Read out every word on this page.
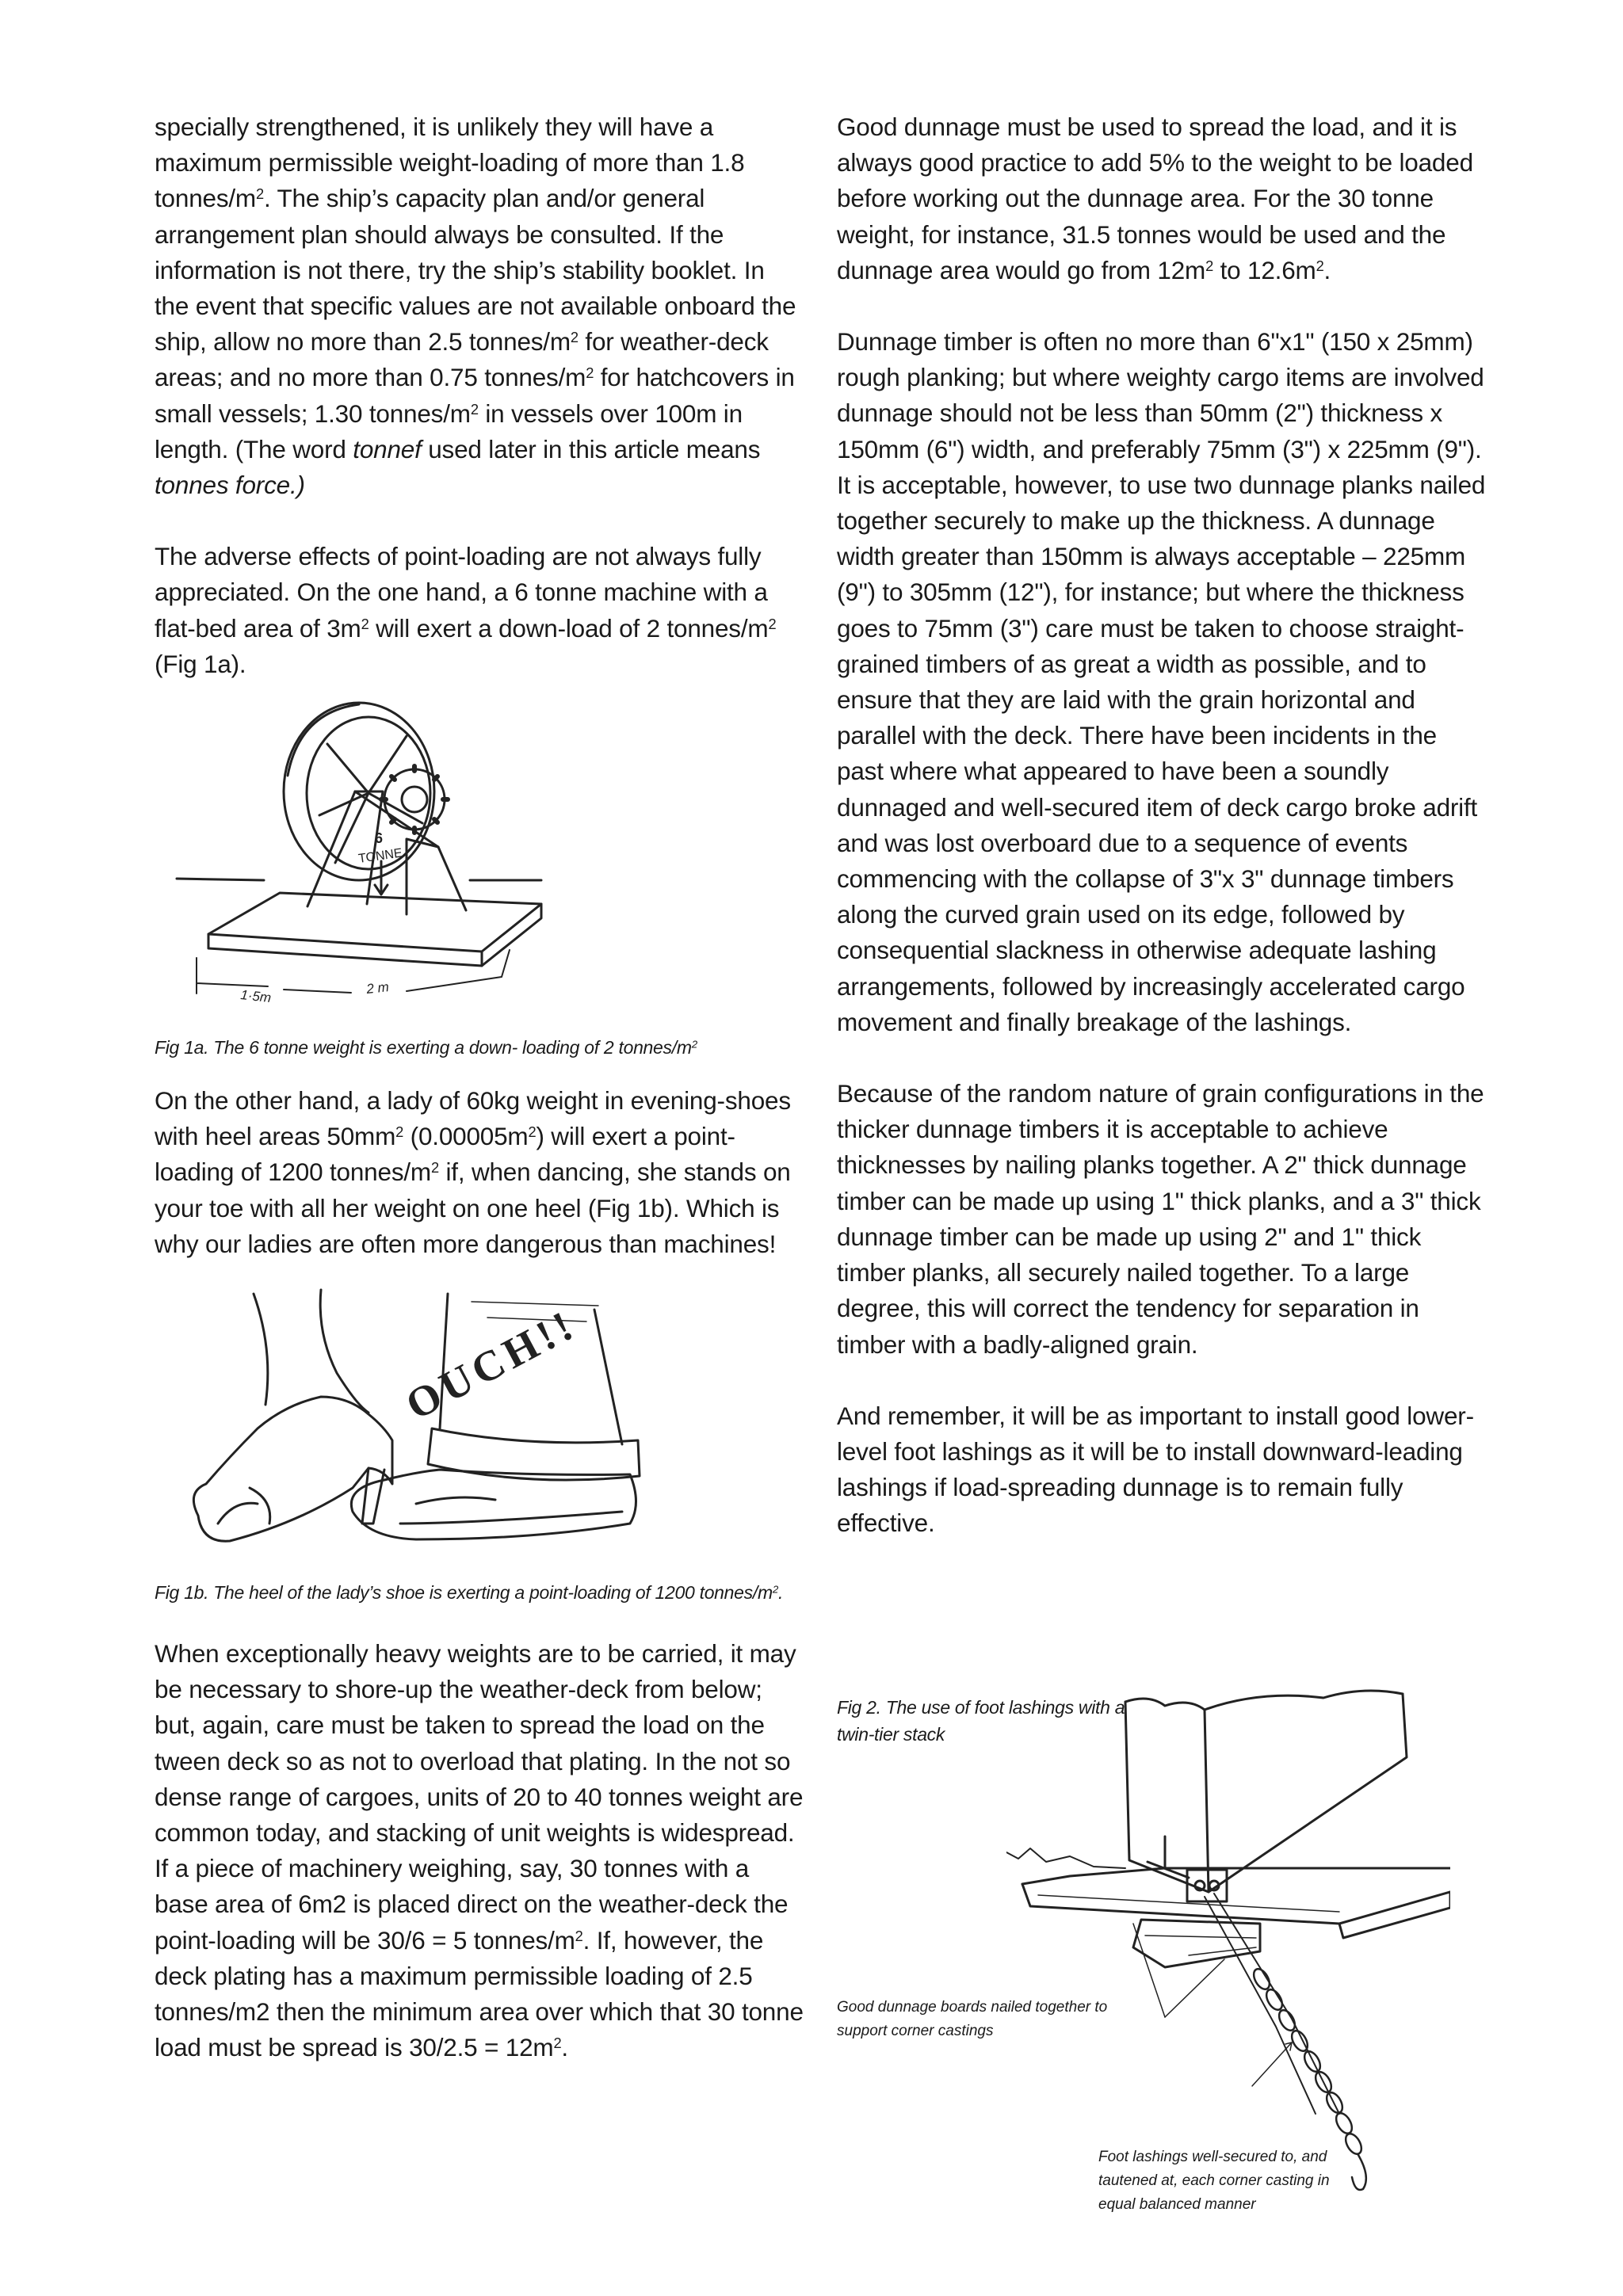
specially strengthened, it is unlikely they will have a maximum permissible weight-loading of more than 1.8 tonnes/$m^2$. The ship’s capacity plan and/or general arrangement plan should always be consulted. If the information is not there, try the ship’s stability booklet. In the event that specific values are not available onboard the ship, allow no more than 2.5 tonnes/$m^2$ for weather-deck areas; and no more than 0.75 tonnes/$m^2$ for hatchcovers in small vessels; 1.30 tonnes/$m^2$ in vessels over 100m in length. (The word tonnef used later in this article means tonnes force.)

The adverse effects of point-loading are not always fully appreciated. On the one hand, a 6 tonne machine with a flat-bed area of $3m^2$ will exert a down-load of 2 tonnes/$m^2$ (Fig 1a).

6
TONNE
1·5m	2 m

Fig 1a. The 6 tonne weight is exerting a down- loading of 2 tonnes/$m^2$

On the other hand, a lady of 60kg weight in evening-shoes with heel areas $50mm^2$ $(0.00005m^2)$ will exert a point-loading of 1200 tonnes/$m^2$ if, when dancing, she stands on your toe with all her weight on one heel (Fig 1b). Which is why our ladies are often more dangerous than machines!

OUCH!!

Fig 1b. The heel of the lady’s shoe is exerting a point-loading of 1200 tonnes/$m^2$.

When exceptionally heavy weights are to be carried, it may be necessary to shore-up the weather-deck from below; but, again, care must be taken to spread the load on the tween deck so as not to overload that plating. In the not so dense range of cargoes, units of 20 to 40 tonnes weight are common today, and stacking of unit weights is widespread. If a piece of machinery weighing, say, 30 tonnes with a base area of 6m2 is placed direct on the weather-deck the point-loading will be 30/6 = 5 tonnes/$m^2$. If, however, the deck plating has a maximum permissible loading of 2.5 tonnes/m2 then the minimum area over which that 30 tonne load must be spread is $30/2.5 = 12m^2$.

Good dunnage must be used to spread the load, and it is always good practice to add 5% to the weight to be loaded before working out the dunnage area. For the 30 tonne weight, for instance, 31.5 tonnes would be used and the dunnage area would go from $12m^2$ to $12.6m^2$.

Dunnage timber is often no more than 6"x1" (150 x 25mm) rough planking; but where weighty cargo items are involved dunnage should not be less than 50mm (2") thickness x 150mm (6") width, and preferably 75mm (3") x 225mm (9"). It is acceptable, however, to use two dunnage planks nailed together securely to make up the thickness. A dunnage width greater than 150mm is always acceptable – 225mm (9") to 305mm (12"), for instance; but where the thickness goes to 75mm (3") care must be taken to choose straight-grained timbers of as great a width as possible, and to ensure that they are laid with the grain horizontal and parallel with the deck. There have been incidents in the past where what appeared to have been a soundly dunnaged and well-secured item of deck cargo broke adrift and was lost overboard due to a sequence of events commencing with the collapse of 3"x 3" dunnage timbers along the curved grain used on its edge, followed by consequential slackness in otherwise adequate lashing arrangements, followed by increasingly accelerated cargo movement and finally breakage of the lashings.

Because of the random nature of grain configurations in the thicker dunnage timbers it is acceptable to achieve thicknesses by nailing planks together. A 2" thick dunnage timber can be made up using 1" thick planks, and a 3" thick dunnage timber can be made up using 2" and 1" thick timber planks, all securely nailed together. To a large degree, this will correct the tendency for separation in timber with a badly-aligned grain.

And remember, it will be as important to install good lower-level foot lashings as it will be to install downward-leading lashings if load-spreading dunnage is to remain fully effective.

Fig 2. The use of foot lashings with a twin-tier stack

Good dunnage boards nailed together to support corner castings

Foot lashings well-secured to, and tautened at, each corner casting in equal balanced manner
